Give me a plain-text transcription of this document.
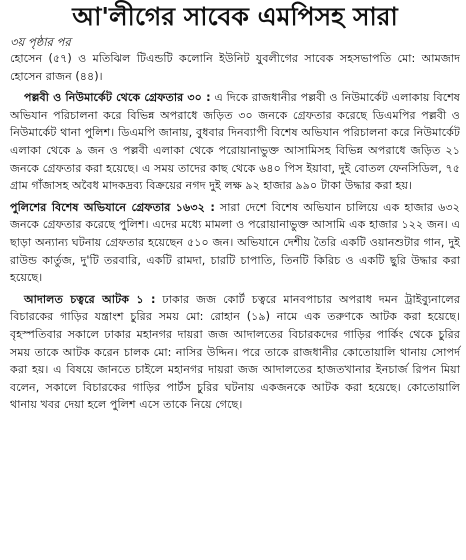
আ'লীগের সাবেক এমপিসহ সারা
৩য় পৃষ্ঠার পর

হোসেন (৫৭) ও মতিঝিল টিএন্ডটি কলোনি ইউনিট যুবলীগের সাবেক সহসভাপতি মো: আমজাদ হোসেন রাজন (৪৪)।

পল্লবী ও নিউমার্কেট থেকে গ্রেফতার ৩০ : এ দিকে রাজধানীর পল্লবী ও নিউমার্কেট এলাকায় বিশেষ অভিযান পরিচালনা করে বিভিন্ন অপরাধে জড়িত ৩০ জনকে গ্রেফতার করেছে ডিএমপির পল্লবী ও নিউমার্কেট থানা পুলিশ। ডিএমপি জানায়, বুধবার দিনব্যাপী বিশেষ অভিযান পরিচালনা করে নিউমার্কেট এলাকা থেকে ৯ জন ও পল্লবী এলাকা থেকে পরোয়ানাভুক্ত আসামিসহ বিভিন্ন অপরাধে জড়িত ২১ জনকে গ্রেফতার করা হয়েছে। এ সময় তাদের কাছ থেকে ৬৪০ পিস ইয়াবা, দুই বোতল ফেনসিডিল, ৭৫ গ্রাম গাঁজাসহ অবৈধ মাদকদ্রব্য বিক্রয়ের নগদ দুই লক্ষ ৯২ হাজার ৯৯০ টাকা উদ্ধার করা হয়।

পুলিশের বিশেষ অভিযানে গ্রেফতার ১৬৩২ : সারা দেশে বিশেষ অভিযান চালিয়ে এক হাজার ৬৩২ জনকে গ্রেফতার করেছে পুলিশ। এদের মধ্যে মামলা ও পরোয়ানাভুক্ত আসামি এক হাজার ১২২ জন। এ ছাড়া অন্যান্য ঘটনায় গ্রেফতার হয়েছেন ৫১০ জন। অভিযানে দেশীয় তৈরি একটি ওয়ানশুটার গান, দুই রাউন্ড কার্তুজ, দু'টি তরবারি, একটি রামদা, চারটি চাপাতি, তিনটি কিরিচ ও একটি ছুরি উদ্ধার করা হয়েছে।

আদালত চত্বরে আটক ১ : ঢাকার জজ কোর্ট চত্বরে মানবপাচার অপরাধ দমন ট্রাইব্যুনালের বিচারকের গাড়ির যন্ত্রাংশ চুরির সময় মো: রোহান (১৯) নামে এক তরুণকে আটক করা হয়েছে। বৃহস্পতিবার সকালে ঢাকার মহানগর দায়রা জজ আদালতের বিচারকদের গাড়ির পার্কিং থেকে চুরির সময় তাকে আটক করেন চালক মো: নাসির উদ্দিন। পরে তাকে রাজধানীর কোতোয়ালি থানায় সোপর্দ করা হয়। এ বিষয়ে জানতে চাইলে মহানগর দায়রা জজ আদালতের হাজতখানার ইনচার্জ রিপন মিয়া বলেন, সকালে বিচারকের গাড়ির পার্টস চুরির ঘটনায় একজনকে আটক করা হয়েছে। কোতোয়ালি থানায় খবর দেয়া হলে পুলিশ এসে তাকে নিয়ে গেছে।
